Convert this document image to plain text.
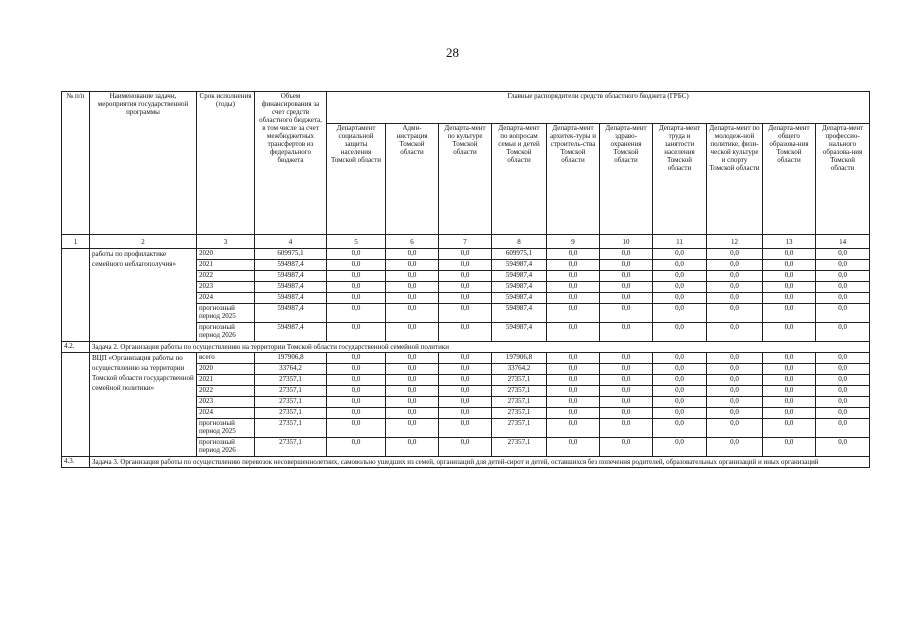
28
№ п/п	Наименование задачи, мероприятия государственной программы	Срок исполнения (годы)	Объем финансирования за счет средств областного бюджета, в том числе за счет межбюджетных трансфертов из федерального бюджета	Главные распорядители средств областного бюджета (ГРБС)									
				Департамент социальной защиты населения Томской области	Адми-нистрация Томской области	Департа-мент по культуре Томской области	Департа-мент по вопросам семьи и детей Томской области	Департа-мент архитек-туры и строитель-ства Томской области	Департа-мент здраво-охранения Томской области	Департа-мент труда и занятости населения Томской области	Департа-мент по молодеж-ной политике, физи-ческой культуре и спорту Томской области	Департа-мент общего образова-ния Томской области	Департа-мент профессио-нального образова-ния Томской области
1	2	3	4	5	6	7	8	9	10	11	12	13	14
	работы по профилактике семейного неблагополучия»	2020	609975,1	0,0	0,0	0,0	609975,1	0,0	0,0	0,0	0,0	0,0	0,0
		2021	594987,4	0,0	0,0	0,0	594987,4	0,0	0,0	0,0	0,0	0,0	0,0
		2022	594987,4	0,0	0,0	0,0	594987,4	0,0	0,0	0,0	0,0	0,0	0,0
		2023	594987,4	0,0	0,0	0,0	594987,4	0,0	0,0	0,0	0,0	0,0	0,0
		2024	594987,4	0,0	0,0	0,0	594987,4	0,0	0,0	0,0	0,0	0,0	0,0
		прогнозный период 2025	594987,4	0,0	0,0	0,0	594987,4	0,0	0,0	0,0	0,0	0,0	0,0
		прогнозный период 2026	594987,4	0,0	0,0	0,0	594987,4	0,0	0,0	0,0	0,0	0,0	0,0
4.2.	Задача 2. Организация работы по осуществлению на территории Томской области государственной семейной политики												
	ВЦП «Организация работы по осуществлению на территории Томской области государственной семейной политики»	всего	197906,8	0,0	0,0	0,0	197906,8	0,0	0,0	0,0	0,0	0,0	0,0
		2020	33764,2	0,0	0,0	0,0	33764,2	0,0	0,0	0,0	0,0	0,0	0,0
		2021	27357,1	0,0	0,0	0,0	27357,1	0,0	0,0	0,0	0,0	0,0	0,0
		2022	27357,1	0,0	0,0	0,0	27357,1	0,0	0,0	0,0	0,0	0,0	0,0
		2023	27357,1	0,0	0,0	0,0	27357,1	0,0	0,0	0,0	0,0	0,0	0,0
		2024	27357,1	0,0	0,0	0,0	27357,1	0,0	0,0	0,0	0,0	0,0	0,0
		прогнозный период 2025	27357,1	0,0	0,0	0,0	27357,1	0,0	0,0	0,0	0,0	0,0	0,0
		прогнозный период 2026	27357,1	0,0	0,0	0,0	27357,1	0,0	0,0	0,0	0,0	0,0	0,0
4.3.	Задача 3. Организация работы по осуществлению перевозок несовершеннолетних, самовольно ушедших из семей, организаций для детей-сирот и детей, оставшихся без попечения родителей, образовательных организаций и иных организаций												
